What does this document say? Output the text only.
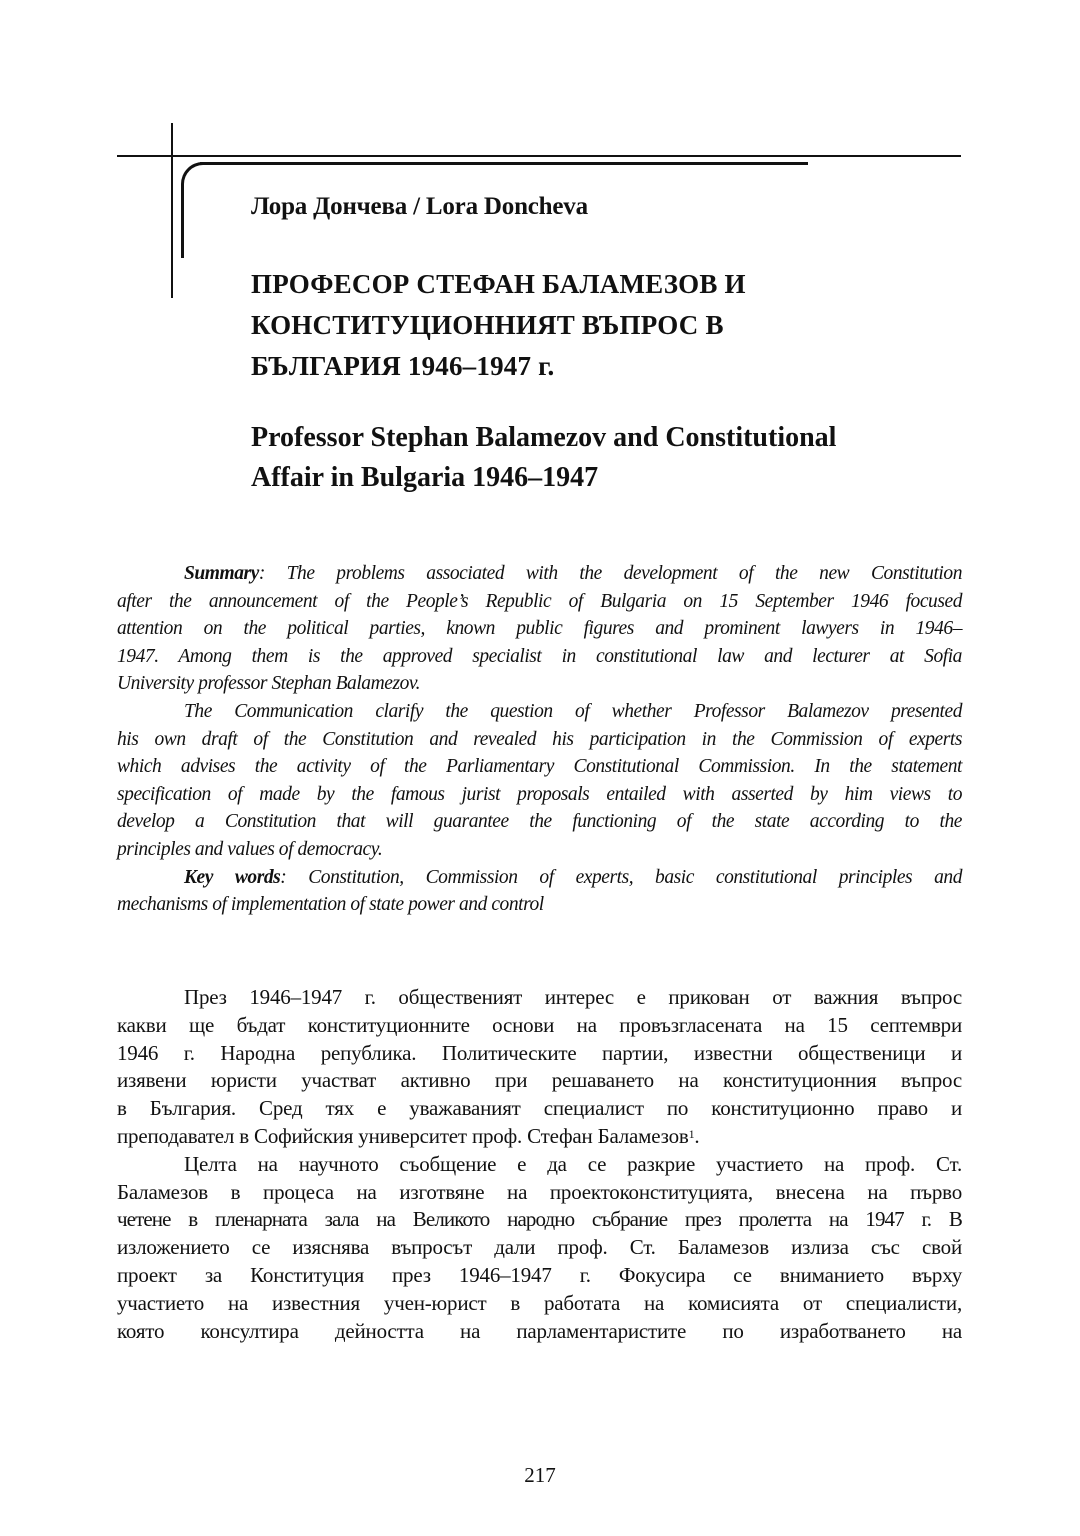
Лора Дончева / Lora Doncheva
ПРОФЕСОР СТЕФАН БАЛАМЕЗОВ И
КОНСТИТУЦИОННИЯТ ВЪПРОС В
БЪЛГАРИЯ 1946–1947 г.
Professor Stephan Balamezov and Constitutional
Affair in Bulgaria 1946–1947
Summary: The problems associated with the development of the new Constitution
after the announcement of the People’s Republic of Bulgaria on 15 September 1946 focused
attention on the political parties, known public figures and prominent lawyers in 1946–
1947. Among them is the approved specialist in constitutional law and lecturer at Sofia
University professor Stephan Balamezov.
The Communication clarify the question of whether Professor Balamezov presented
his own draft of the Constitution and revealed his participation in the Commission of experts
which advises the activity of the Parliamentary Constitutional Commission. In the statement
specification of made by the famous jurist proposals entailed with asserted by him views to
develop a Constitution that will guarantee the functioning of the state according to the
principles and values of democracy.
Key words: Constitution, Commission of experts, basic constitutional principles and
mechanisms of implementation of state power and control
През 1946–1947 г. общественият интерес е прикован от важния въпрос
какви ще бъдат конституционните основи на провъзгласената на 15 септември
1946 г. Народна република. Политическите партии, известни общественици и
изявени юристи участват активно при решаването на конституционния въпрос
в България. Сред тях е уважаваният специалист по конституционно право и
преподавател в Софийския университет проф. Стефан Баламезов$^1$.
Целта на научното съобщение е да се разкрие участието на проф. Ст.
Баламезов в процеса на изготвяне на проектоконституцията, внесена на първо
четене в пленарната зала на Великото народно събрание през пролетта на 1947 г. В
изложението се изяснява въпросът дали проф. Ст. Баламезов излиза със свой
проект за Конституция през 1946–1947 г. Фокусира се вниманието върху
участието на известния учен-юрист в работата на комисията от специалисти,
която консултира дейността на парламентаристите по изработването на
217
